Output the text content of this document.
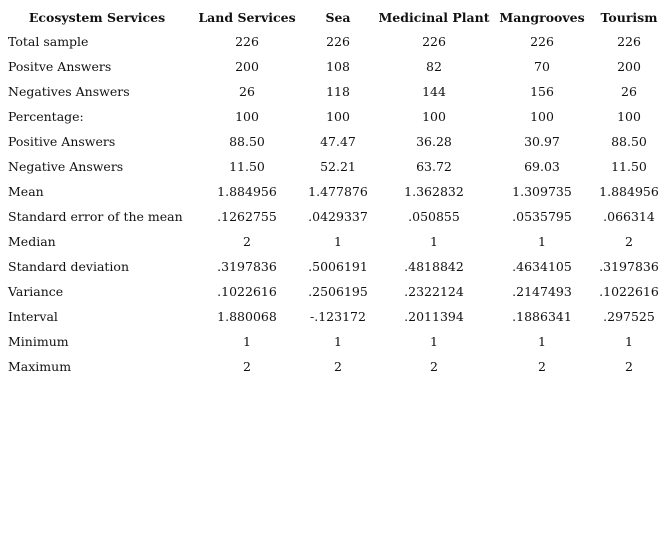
Ecosystem Services	Land Services	Sea	Medicinal Plant	Mangrooves	Tourism
Total sample	226	226	226	226	226
Positve Answers	200	108	82	70	200
Negatives Answers	26	118	144	156	26
Percentage:	100	100	100	100	100
Positive Answers	88.50	47.47	36.28	30.97	88.50
Negative Answers	11.50	52.21	63.72	69.03	11.50
Mean	1.884956	1.477876	1.362832	1.309735	1.884956
Standard error of the mean	.1262755	.0429337	.050855	.0535795	.066314
Median	2	1	1	1	2
Standard deviation	.3197836	.5006191	.4818842	.4634105	.3197836
Variance	.1022616	.2506195	.2322124	.2147493	.1022616
Interval	1.880068	-.123172	.2011394	.1886341	.297525
Minimum	1	1	1	1	1
Maximum	2	2	2	2	2
